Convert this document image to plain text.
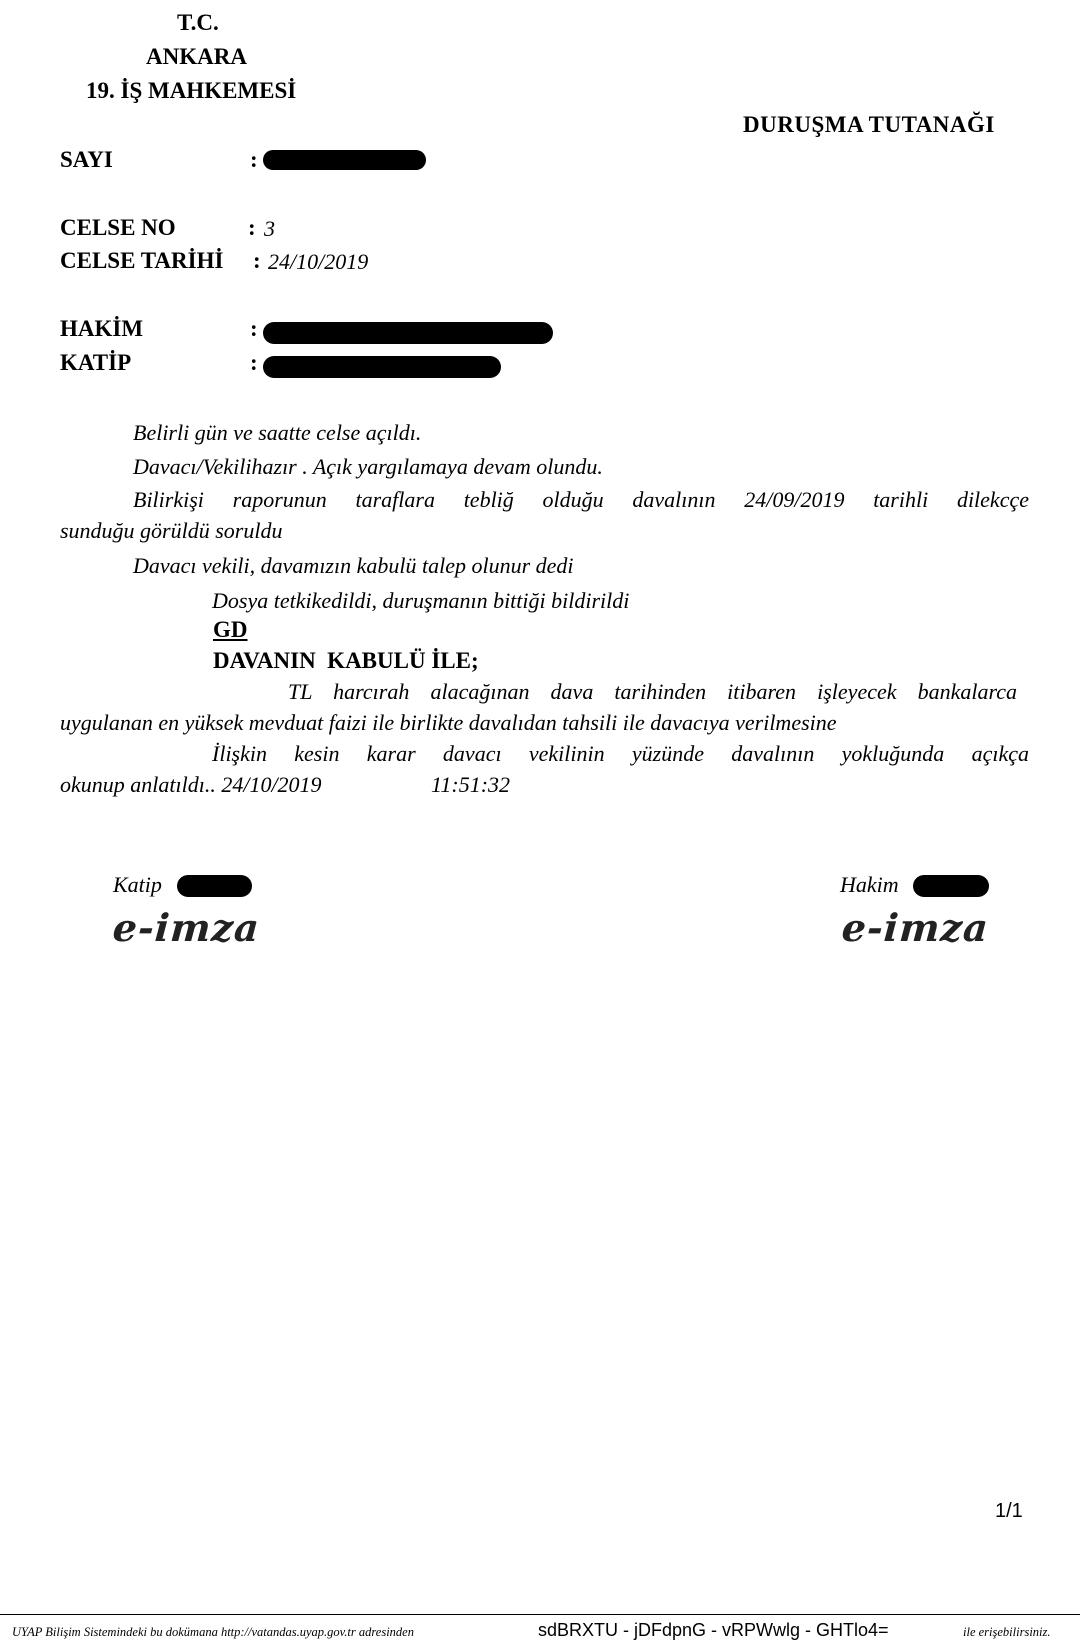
T.C.
ANKARA
19. İŞ MAHKEMESİ
DURUŞMA TUTANAĞI
SAYI	:
CELSE NO	: 3
CELSE TARİHİ : 24/10/2019
HAKİM	:
KATİP	:
Belirli gün ve saatte celse açıldı.
Davacı/Vekilihazır . Açık yargılamaya devam olundu.
Bilirkişi raporunun taraflara tebliğ olduğu davalının 24/09/2019 tarihli dilekcçe
sunduğu görüldü soruldu
Davacı vekili, davamızın kabulü talep olunur dedi
Dosya tetkikedildi, duruşmanın bittiği bildirildi
GD
DAVANIN  KABULÜ İLE;
TL harcırah alacağınan dava tarihinden itibaren işleyecek bankalarca
uygulanan en yüksek mevduat faizi ile birlikte davalıdan tahsili ile davacıya verilmesine
İlişkin kesin karar davacı vekilinin yüzünde davalının yokluğunda açıkça
okunup anlatıldı.. 24/10/2019	11:51:32
Katip
e-imza
Hakim
e-imza
1/1
UYAP Bilişim Sistemindeki bu dokümana http://vatandas.uyap.gov.tr adresinden	sdBRXTU - jDFdpnG - vRPWwlg - GHTlo4=	ile erişebilirsiniz.
